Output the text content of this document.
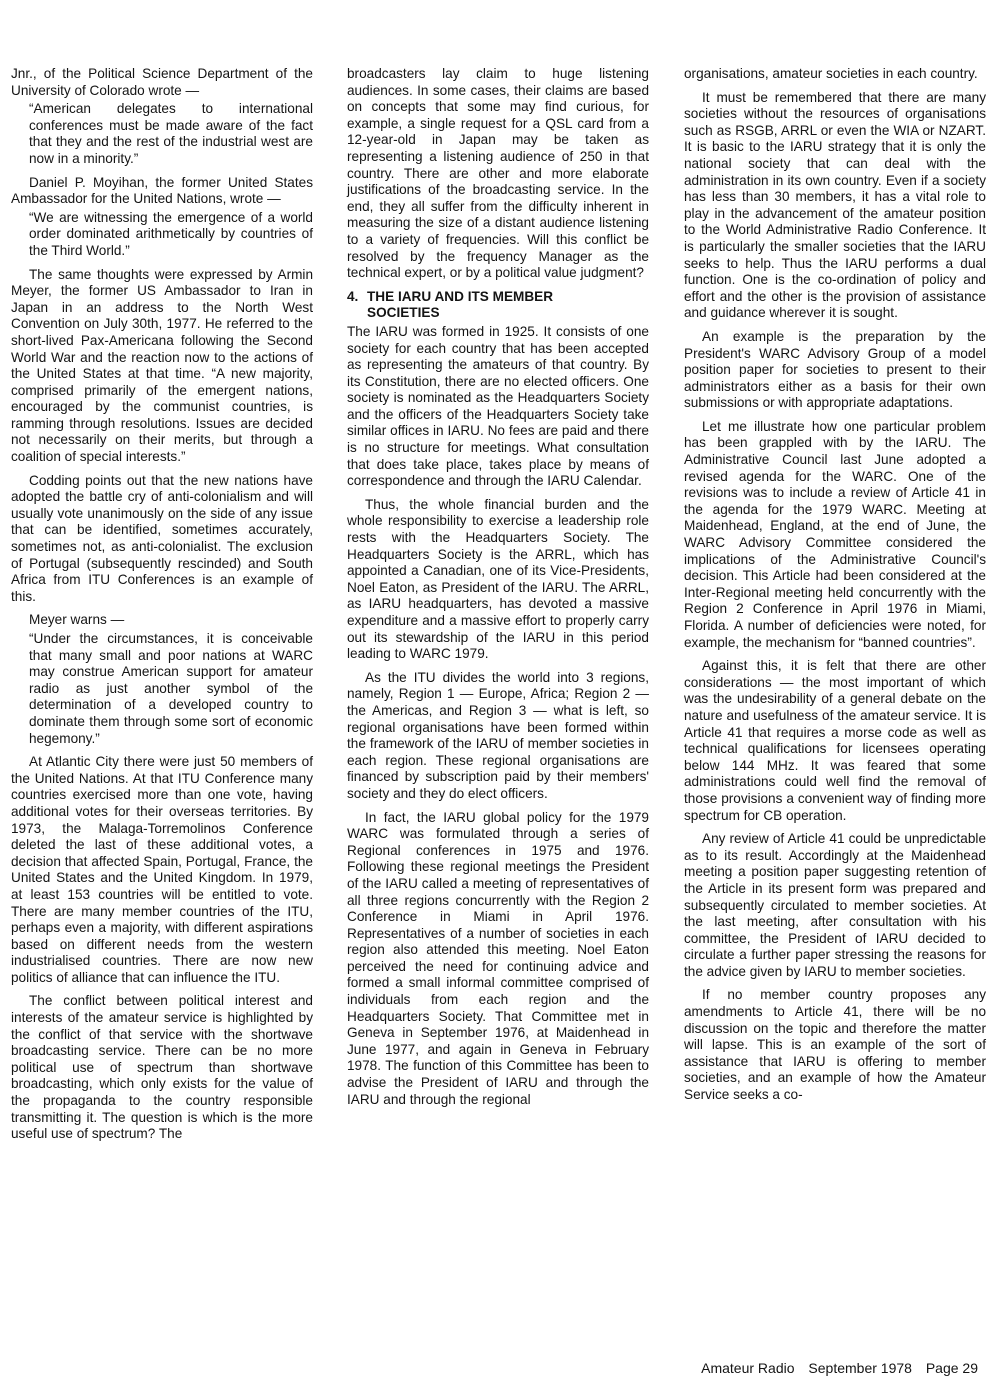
Jnr., of the Political Science Department of the University of Colorado wrote —

“American delegates to international conferences must be made aware of the fact that they and the rest of the industrial west are now in a minority.”

Daniel P. Moyihan, the former United States Ambassador for the United Nations, wrote —

“We are witnessing the emergence of a world order dominated arithmetically by countries of the Third World.”

The same thoughts were expressed by Armin Meyer, the former US Ambassador to Iran in Japan in an address to the North West Convention on July 30th, 1977. He referred to the short-lived Pax-Americana following the Second World War and the reaction now to the actions of the United States at that time. “A new majority, comprised primarily of the emergent nations, encouraged by the communist countries, is ramming through resolutions. Issues are decided not necessarily on their merits, but through a coalition of special interests.”

Codding points out that the new nations have adopted the battle cry of anti-colonialism and will usually vote unanimously on the side of any issue that can be identified, sometimes accurately, sometimes not, as anti-colonialist. The exclusion of Portugal (subsequently rescinded) and South Africa from ITU Conferences is an example of this.

Meyer warns —

“Under the circumstances, it is conceivable that many small and poor nations at WARC may construe American support for amateur radio as just another symbol of the determination of a developed country to dominate them through some sort of economic hegemony.”

At Atlantic City there were just 50 members of the United Nations. At that ITU Conference many countries exercised more than one vote, having additional votes for their overseas territories. By 1973, the Malaga-Torremolinos Conference deleted the last of these additional votes, a decision that affected Spain, Portugal, France, the United States and the United Kingdom. In 1979, at least 153 countries will be entitled to vote. There are many member countries of the ITU, perhaps even a majority, with different aspirations based on different needs from the western industrialised countries. There are now new politics of alliance that can influence the ITU.

The conflict between political interest and interests of the amateur service is highlighted by the conflict of that service with the shortwave broadcasting service. There can be no more political use of spectrum than shortwave broadcasting, which only exists for the value of the propaganda to the country responsible transmitting it. The question is which is the more useful use of spectrum? The

broadcasters lay claim to huge listening audiences. In some cases, their claims are based on concepts that some may find curious, for example, a single request for a QSL card from a 12-year-old in Japan may be taken as representing a listening audience of 250 in that country. There are other and more elaborate justifications of the broadcasting service. In the end, they all suffer from the difficulty inherent in measuring the size of a distant audience listening to a variety of frequencies. Will this conflict be resolved by the frequency Manager as the technical expert, or by a political value judgment?

4. THE IARU AND ITS MEMBER
SOCIETIES

The IARU was formed in 1925. It consists of one society for each country that has been accepted as representing the amateurs of that country. By its Constitution, there are no elected officers. One society is nominated as the Headquarters Society and the officers of the Headquarters Society take similar offices in IARU. No fees are paid and there is no structure for meetings. What consultation that does take place, takes place by means of correspondence and through the IARU Calendar.

Thus, the whole financial burden and the whole responsibility to exercise a leadership role rests with the Headquarters Society. The Headquarters Society is the ARRL, which has appointed a Canadian, one of its Vice-Presidents, Noel Eaton, as President of the IARU. The ARRL, as IARU headquarters, has devoted a massive expenditure and a massive effort to properly carry out its stewardship of the IARU in this period leading to WARC 1979.

As the ITU divides the world into 3 regions, namely, Region 1 — Europe, Africa; Region 2 — the Americas, and Region 3 — what is left, so regional organisations have been formed within the framework of the IARU of member societies in each region. These regional organisations are financed by subscription paid by their members' society and they do elect officers.

In fact, the IARU global policy for the 1979 WARC was formulated through a series of Regional conferences in 1975 and 1976. Following these regional meetings the President of the IARU called a meeting of representatives of all three regions concurrently with the Region 2 Conference in Miami in April 1976. Representatives of a number of societies in each region also attended this meeting. Noel Eaton perceived the need for continuing advice and formed a small informal committee comprised of individuals from each region and the Headquarters Society. That Committee met in Geneva in September 1976, at Maidenhead in June 1977, and again in Geneva in February 1978. The function of this Committee has been to advise the President of IARU and through the IARU and through the regional

organisations, amateur societies in each country.

It must be remembered that there are many societies without the resources of organisations such as RSGB, ARRL or even the WIA or NZART. It is basic to the IARU strategy that it is only the national society that can deal with the administration in its own country. Even if a society has less than 30 members, it has a vital role to play in the advancement of the amateur position to the World Administrative Radio Conference. It is particularly the smaller societies that the IARU seeks to help. Thus the IARU performs a dual function. One is the co-ordination of policy and effort and the other is the provision of assistance and guidance wherever it is sought.

An example is the preparation by the President's WARC Advisory Group of a model position paper for societies to present to their administrators either as a basis for their own submissions or with appropriate adaptations.

Let me illustrate how one particular problem has been grappled with by the IARU. The Administrative Council last June adopted a revised agenda for the WARC. One of the revisions was to include a review of Article 41 in the agenda for the 1979 WARC. Meeting at Maidenhead, England, at the end of June, the WARC Advisory Committee considered the implications of the Administrative Council's decision. This Article had been considered at the Inter-Regional meeting held concurrently with the Region 2 Conference in April 1976 in Miami, Florida. A number of deficiencies were noted, for example, the mechanism for “banned countries”.

Against this, it is felt that there are other considerations — the most important of which was the undesirability of a general debate on the nature and usefulness of the amateur service. It is Article 41 that requires a morse code as well as technical qualifications for licensees operating below 144 MHz. It was feared that some administrations could well find the removal of those provisions a convenient way of finding more spectrum for CB operation.

Any review of Article 41 could be unpredictable as to its result. Accordingly at the Maidenhead meeting a position paper suggesting retention of the Article in its present form was prepared and subsequently circulated to member societies. At the last meeting, after consultation with his committee, the President of IARU decided to circulate a further paper stressing the reasons for the advice given by IARU to member societies.

If no member country proposes any amendments to Article 41, there will be no discussion on the topic and therefore the matter will lapse. This is an example of the sort of assistance that IARU is offering to member societies, and an example of how the Amateur Service seeks a co-

Amateur Radio September 1978 Page 29
